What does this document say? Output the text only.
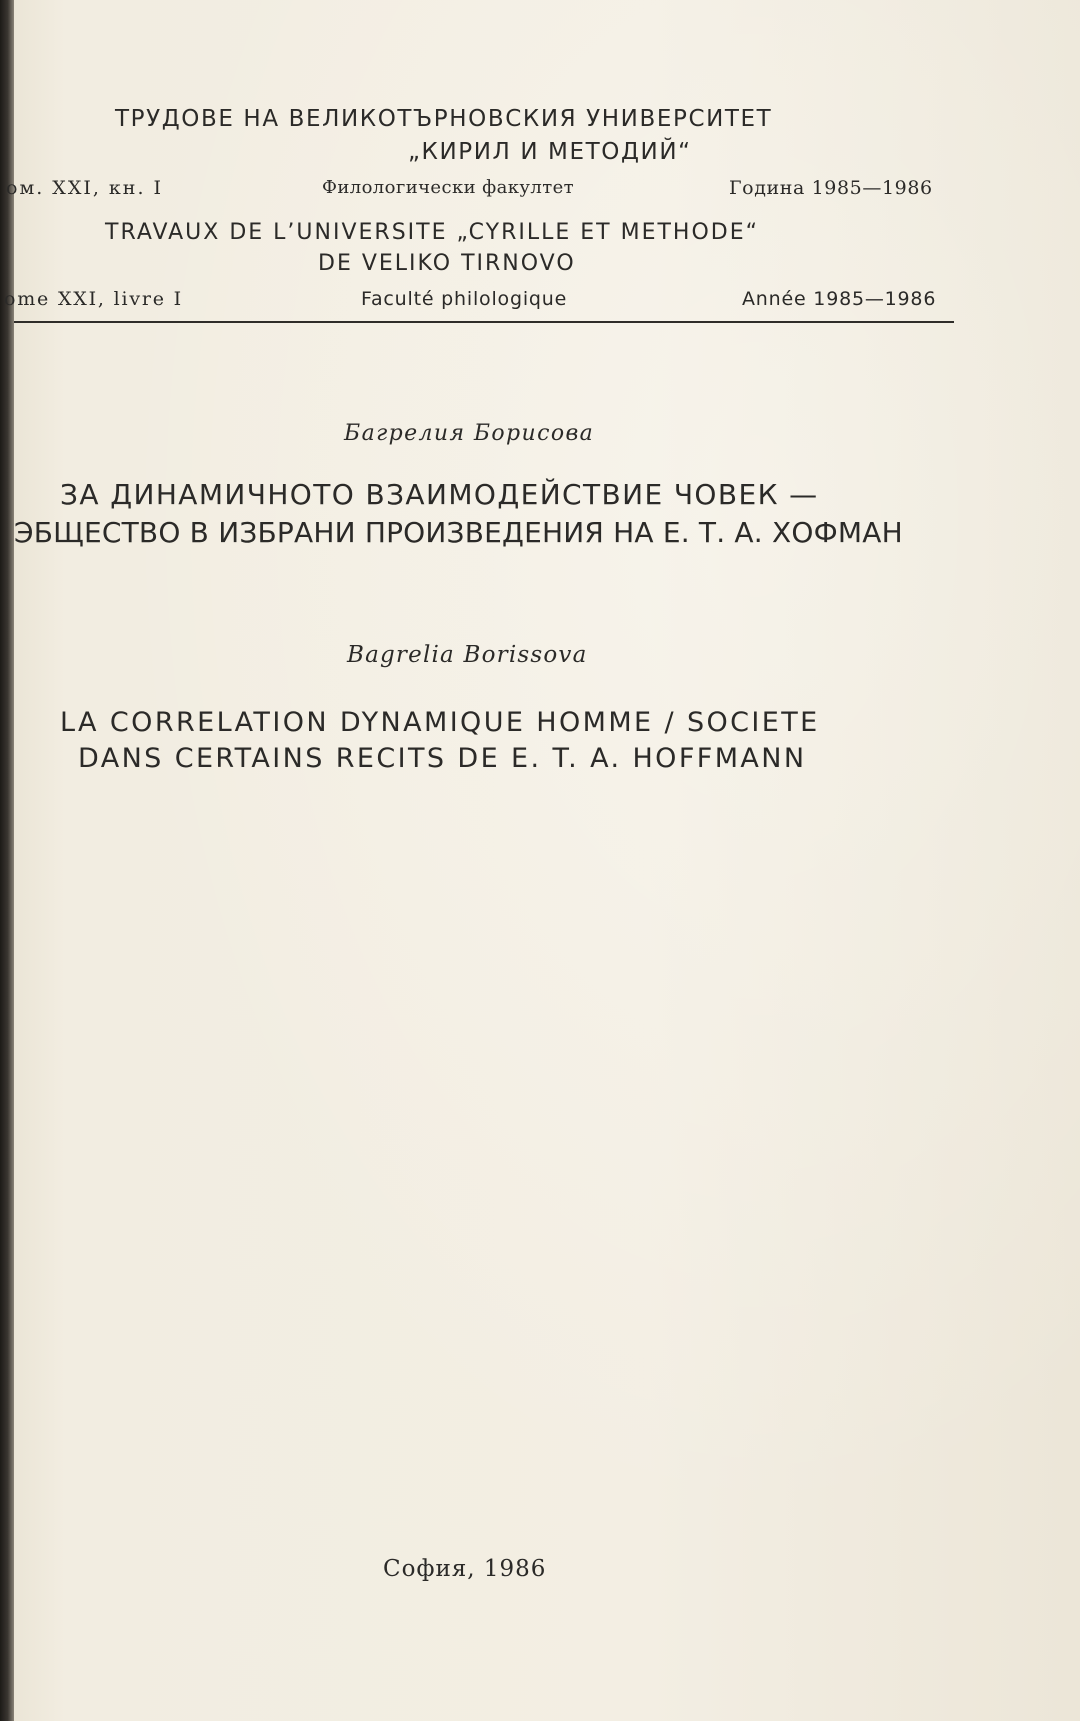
ТРУДОВЕ НА ВЕЛИКОТЪРНОВСКИЯ УНИВЕРСИТЕТ
„КИРИЛ И МЕТОДИЙ“
ом. XXI, кн. I	Филологически факултет	Година 1985—1986
TRAVAUX DE L’UNIVERSITE „CYRILLE ET METHODE“
DE VELIKO TIRNOVO
ome XXI, livre I	Faculté philologique	Année 1985—1986
Багрелия Борисова
ЗА ДИНАМИЧНОТО ВЗАИМОДЕЙСТВИЕ ЧОВЕК —
ЭБЩЕСТВО В ИЗБРАНИ ПРОИЗВЕДЕНИЯ НА Е. Т. А. ХОФМАН
Bagrelia Borissova
LA CORRELATION DYNAMIQUE HOMME / SOCIETE
DANS CERTAINS RECITS DE E. T. A. HOFFMANN
София, 1986
